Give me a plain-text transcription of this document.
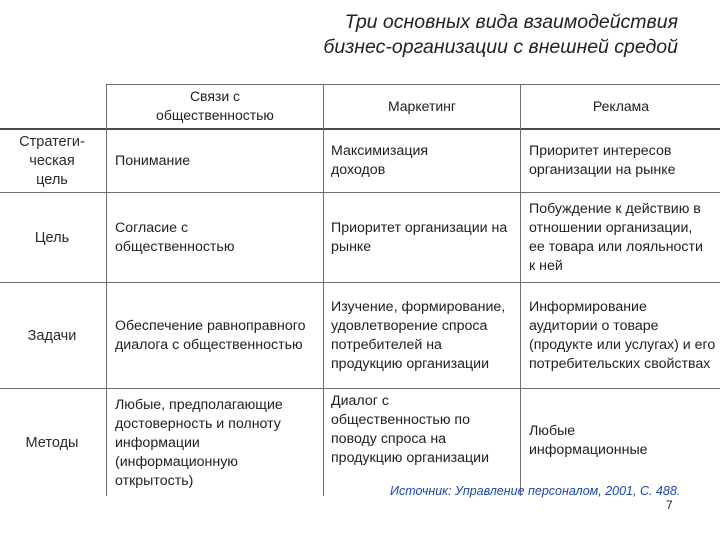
Три основных вида взаимодействия
бизнес-организации с внешней средой
Связи с общественностью
Маркетинг	Реклама
Стратеги-ческая цель
Понимание
Максимизация доходов
Приоритет интересов организации на рынке
Цель
Согласие с общественностью
Приоритет организации на рынке
Побуждение к действию в отношении организации, ее товара или лояльности к ней
Задачи
Обеспечение равноправного диалога с общественностью
Изучение, формирование, удовлетворение спроса потребителей на продукцию организации
Информирование аудитории о товаре (продукте или услугах) и его потребительских свойствах
Методы
Любые, предполагающие достоверность и полноту информации (информационную открытость)
Диалог с общественностью по поводу спроса на продукцию организации
Любые информационные
Источник: Управление персоналом, 2001, С. 488.
7
